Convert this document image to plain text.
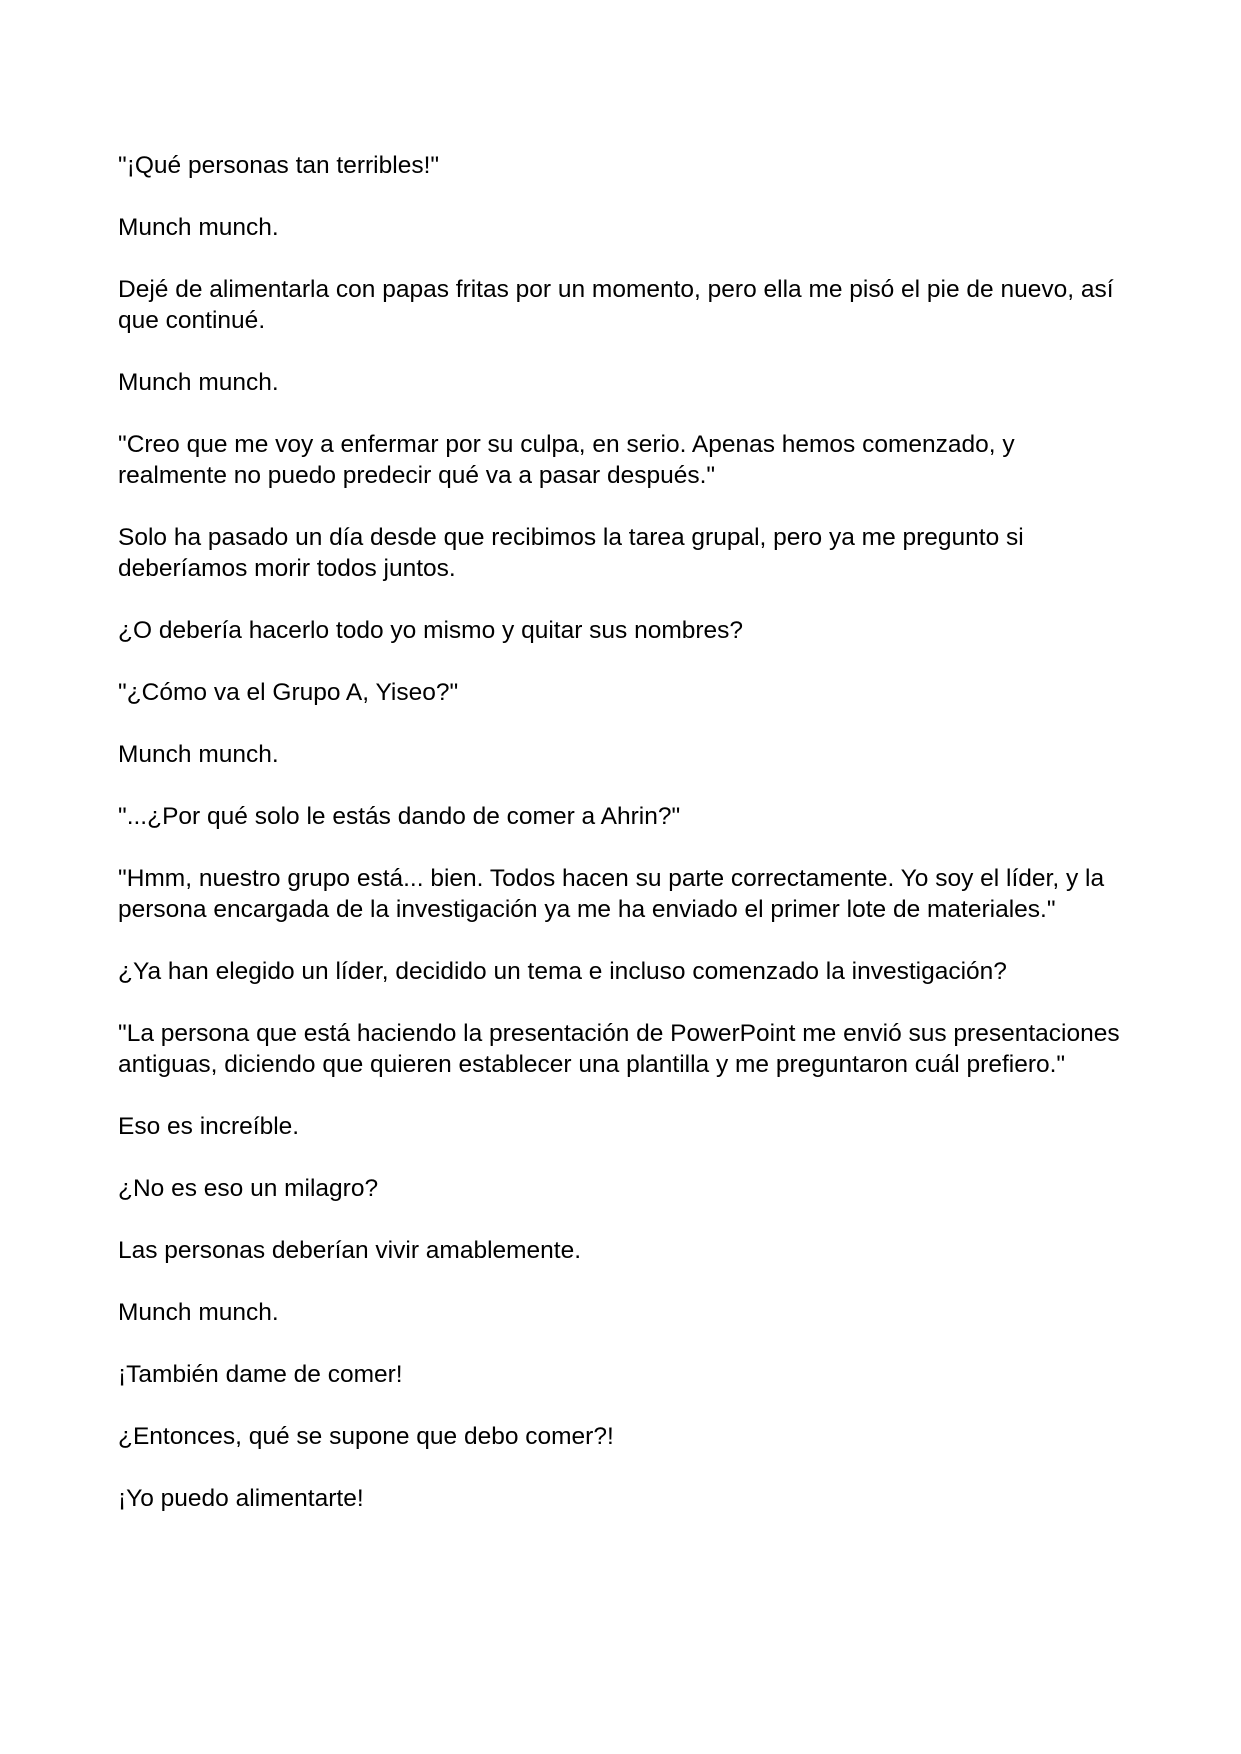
"¡Qué personas tan terribles!"

Munch munch.

Dejé de alimentarla con papas fritas por un momento, pero ella me pisó el pie de nuevo, así que continué.

Munch munch.

"Creo que me voy a enfermar por su culpa, en serio. Apenas hemos comenzado, y realmente no puedo predecir qué va a pasar después."

Solo ha pasado un día desde que recibimos la tarea grupal, pero ya me pregunto si deberíamos morir todos juntos.

¿O debería hacerlo todo yo mismo y quitar sus nombres?

"¿Cómo va el Grupo A, Yiseo?"

Munch munch.

"...¿Por qué solo le estás dando de comer a Ahrin?"

"Hmm, nuestro grupo está... bien. Todos hacen su parte correctamente. Yo soy el líder, y la persona encargada de la investigación ya me ha enviado el primer lote de materiales."

¿Ya han elegido un líder, decidido un tema e incluso comenzado la investigación?

"La persona que está haciendo la presentación de PowerPoint me envió sus presentaciones antiguas, diciendo que quieren establecer una plantilla y me preguntaron cuál prefiero."

Eso es increíble.

¿No es eso un milagro?

Las personas deberían vivir amablemente.

Munch munch.

¡También dame de comer!

¿Entonces, qué se supone que debo comer?!

¡Yo puedo alimentarte!
